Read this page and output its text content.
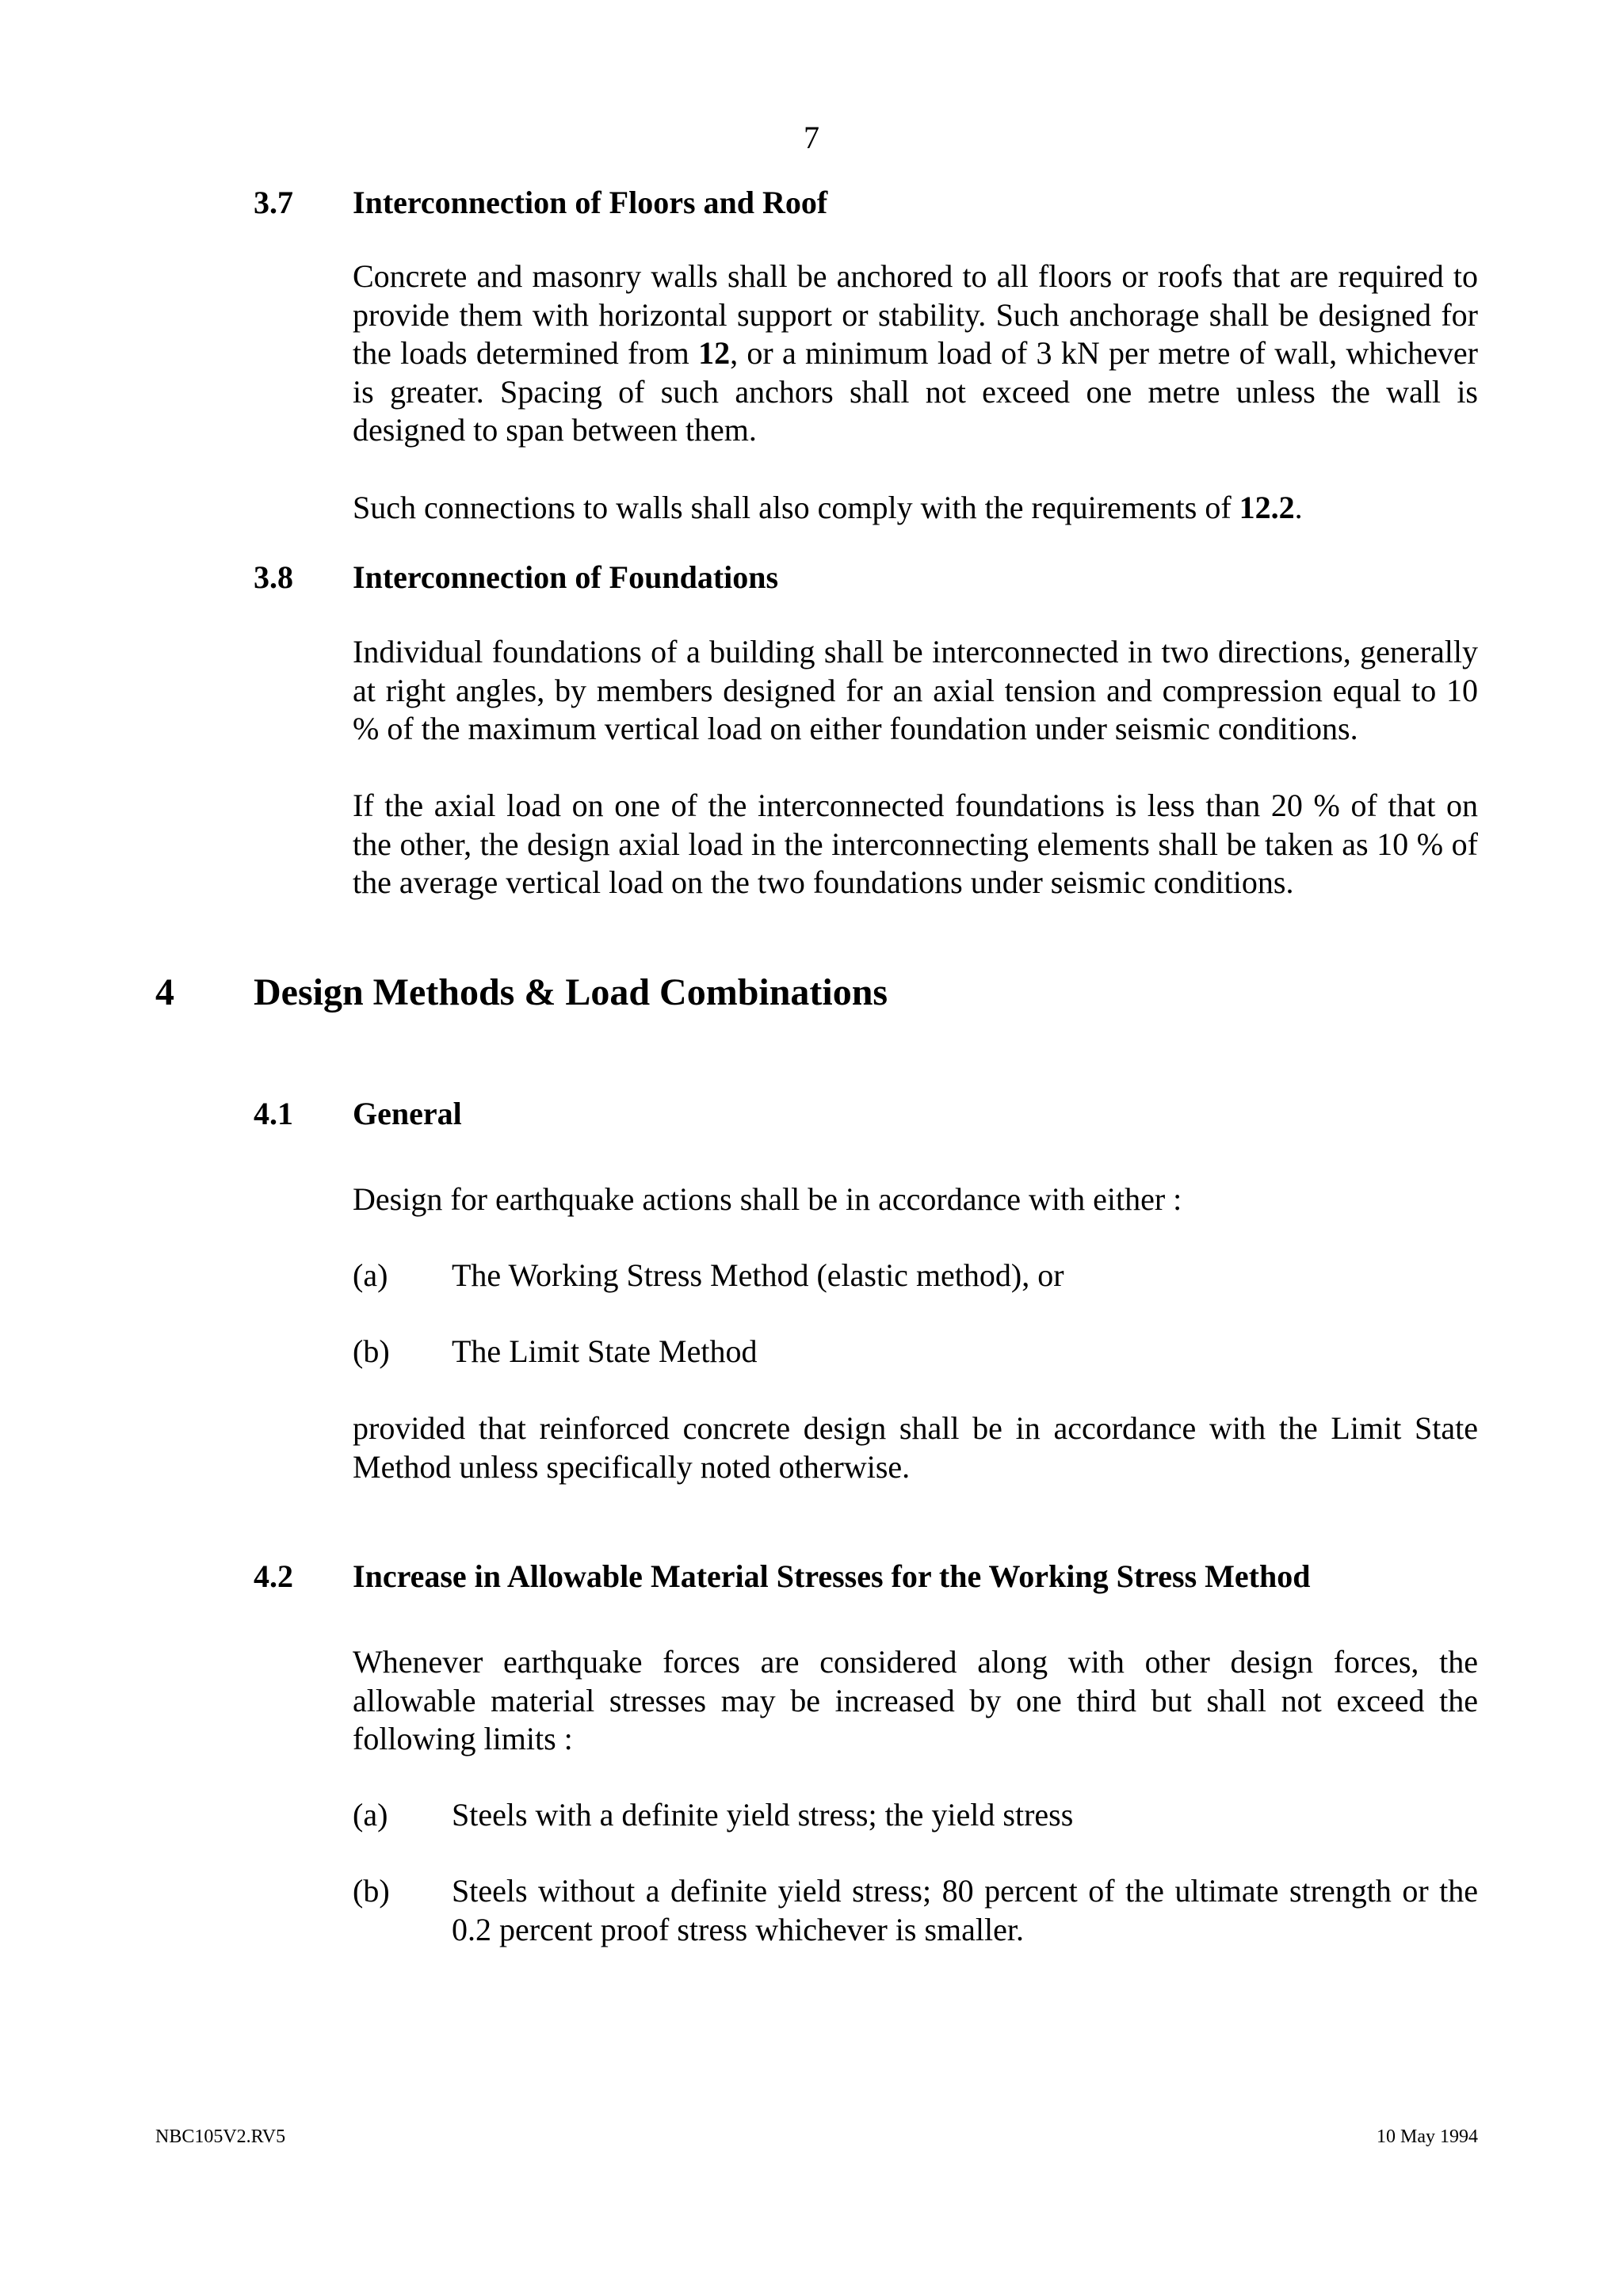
7
3.7 Interconnection of Floors and Roof
Concrete and masonry walls shall be anchored to all floors or roofs that are required to
provide them with horizontal support or stability. Such anchorage shall be designed for
the loads determined from 12, or a minimum load of 3 kN per metre of wall, whichever
is greater. Spacing of such anchors shall not exceed one metre unless the wall is
designed to span between them.
Such connections to walls shall also comply with the requirements of 12.2.
3.8 Interconnection of Foundations
Individual foundations of a building shall be interconnected in two directions, generally
at right angles, by members designed for an axial tension and compression equal to 10
% of the maximum vertical load on either foundation under seismic conditions.
If the axial load on one of the interconnected foundations is less than 20 % of that on
the other, the design axial load in the interconnecting elements shall be taken as 10 % of
the average vertical load on the two foundations under seismic conditions.
4 Design Methods & Load Combinations
4.1 General
Design for earthquake actions shall be in accordance with either :
(a) The Working Stress Method (elastic method), or
(b) The Limit State Method
provided that reinforced concrete design shall be in accordance with the Limit State
Method unless specifically noted otherwise.
4.2 Increase in Allowable Material Stresses for the Working Stress Method
Whenever earthquake forces are considered along with other design forces, the
allowable material stresses may be increased by one third but shall not exceed the
following limits :
(a) Steels with a definite yield stress; the yield stress
(b) Steels without a definite yield stress; 80 percent of the ultimate strength or the
0.2 percent proof stress whichever is smaller.
NBC105V2.RV5	10 May 1994
